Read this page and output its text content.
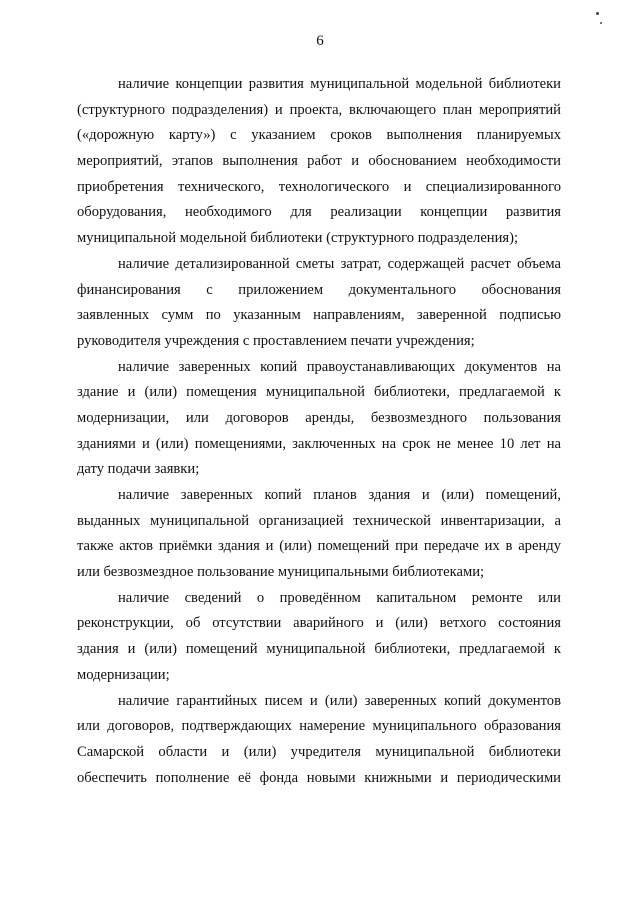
6
наличие концепции развития муниципальной модельной библиотеки
(структурного подразделения) и проекта, включающего план мероприятий
(«дорожную карту») с указанием сроков выполнения планируемых
мероприятий, этапов выполнения работ и обоснованием необходимости
приобретения технического, технологического и специализированного
оборудования, необходимого для реализации концепции развития
муниципальной модельной библиотеки (структурного подразделения);
наличие детализированной сметы затрат, содержащей расчет объема
финансирования с приложением документального обоснования
заявленных сумм по указанным направлениям, заверенной подписью
руководителя учреждения с проставлением печати учреждения;
наличие заверенных копий правоустанавливающих документов на
здание и (или) помещения муниципальной библиотеки, предлагаемой к
модернизации, или договоров аренды, безвозмездного пользования
зданиями и (или) помещениями, заключенных на срок не менее 10 лет на
дату подачи заявки;
наличие заверенных копий планов здания и (или) помещений,
выданных муниципальной организацией технической инвентаризации, а
также актов приёмки здания и (или) помещений при передаче их в аренду
или безвозмездное пользование муниципальными библиотеками;
наличие сведений о проведённом капитальном ремонте или
реконструкции, об отсутствии аварийного и (или) ветхого состояния
здания и (или) помещений муниципальной библиотеки, предлагаемой к
модернизации;
наличие гарантийных писем и (или) заверенных копий документов
или договоров, подтверждающих намерение муниципального образования
Самарской области и (или) учредителя муниципальной библиотеки
обеспечить пополнение её фонда новыми книжными и периодическими
